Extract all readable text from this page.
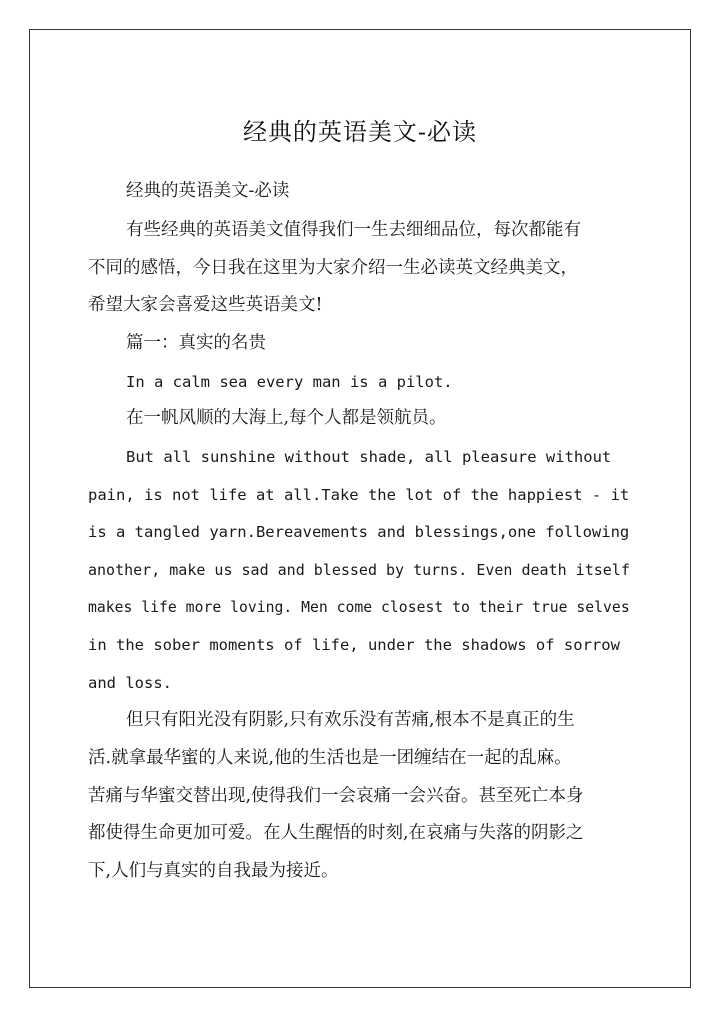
经典的英语美文-必读
经典的英语美文-必读
有些经典的英语美文值得我们一生去细细品位，每次都能有
不同的感悟，今日我在这里为大家介绍一生必读英文经典美文，
希望大家会喜爱这些英语美文!
篇一：真实的名贵
In a calm sea every man is a pilot.
在一帆风顺的大海上,每个人都是领航员。
But all sunshine without shade, all pleasure without
pain, is not life at all.Take the lot of the happiest - it
is a tangled yarn.Bereavements and blessings,one following
another, make us sad and blessed by turns. Even death itself
makes life more loving. Men come closest to their true selves
in the sober moments of life, under the shadows of sorrow
and loss.
但只有阳光没有阴影,只有欢乐没有苦痛,根本不是真正的生
活.就拿最华蜜的人来说,他的生活也是一团缠结在一起的乱麻。
苦痛与华蜜交替出现,使得我们一会哀痛一会兴奋。甚至死亡本身
都使得生命更加可爱。在人生醒悟的时刻,在哀痛与失落的阴影之
下,人们与真实的自我最为接近。
